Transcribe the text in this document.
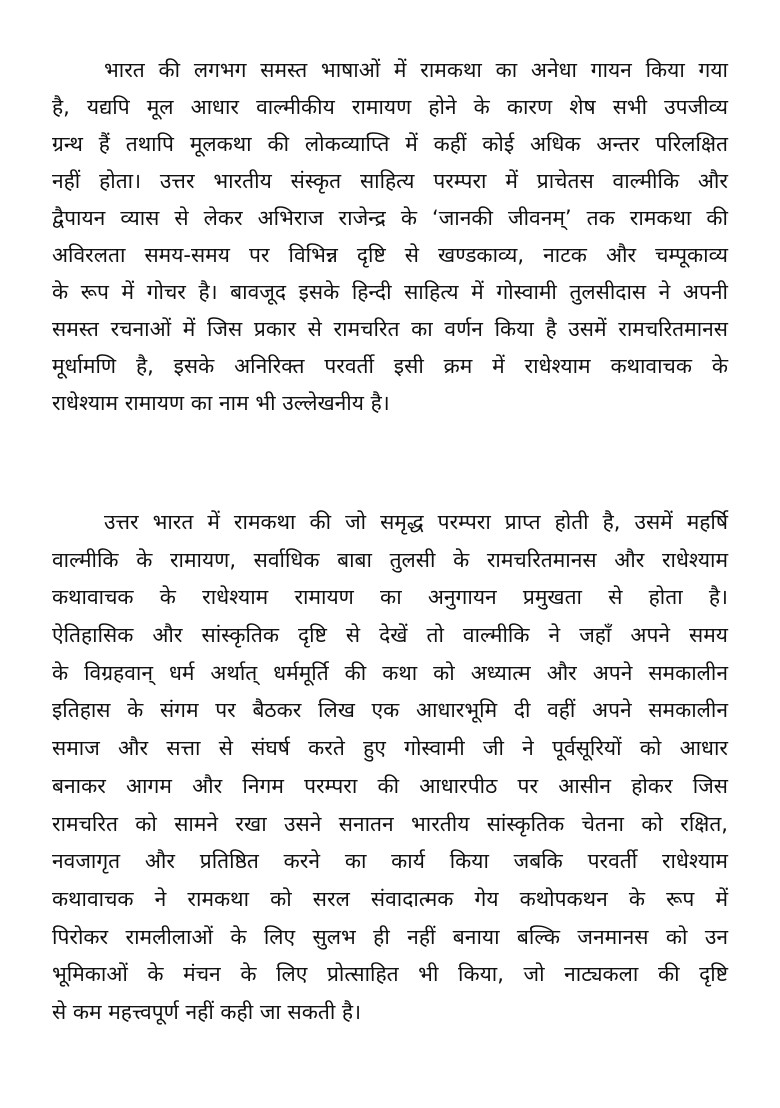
भारत की लगभग समस्त भाषाओं में रामकथा का अनेधा गायन किया गया
है, यद्यपि मूल आधार वाल्मीकीय रामायण होने के कारण शेष सभी उपजीव्य
ग्रन्थ हैं तथापि मूलकथा की लोकव्याप्ति में कहीं कोई अधिक अन्तर परिलक्षित
नहीं होता। उत्तर भारतीय संस्कृत साहित्य परम्परा में प्राचेतस वाल्मीकि और
द्वैपायन व्यास से लेकर अभिराज राजेन्द्र के ‘जानकी जीवनम्’ तक रामकथा की
अविरलता समय-समय पर विभिन्न दृष्टि से खण्डकाव्य, नाटक और चम्पूकाव्य
के रूप में गोचर है। बावजूद इसके हिन्दी साहित्य में गोस्वामी तुलसीदास ने अपनी
समस्त रचनाओं में जिस प्रकार से रामचरित का वर्णन किया है उसमें रामचरितमानस
मूर्धामणि है, इसके अनिरिक्त परवर्ती इसी क्रम में राधेश्याम कथावाचक के
राधेश्याम रामायण का नाम भी उल्लेखनीय है।
उत्तर भारत में रामकथा की जो समृद्ध परम्परा प्राप्त होती है, उसमें महर्षि
वाल्मीकि के रामायण, सर्वाधिक बाबा तुलसी के रामचरितमानस और राधेश्याम
कथावाचक के राधेश्याम रामायण का अनुगायन प्रमुखता से होता है।
ऐतिहासिक और सांस्कृतिक दृष्टि से देखें तो वाल्मीकि ने जहाँ अपने समय
के विग्रहवान् धर्म अर्थात् धर्ममूर्ति की कथा को अध्यात्म और अपने समकालीन
इतिहास के संगम पर बैठकर लिख एक आधारभूमि दी वहीं अपने समकालीन
समाज और सत्ता से संघर्ष करते हुए गोस्वामी जी ने पूर्वसूरियों को आधार
बनाकर आगम और निगम परम्परा की आधारपीठ पर आसीन होकर जिस
रामचरित को सामने रखा उसने सनातन भारतीय सांस्कृतिक चेतना को रक्षित,
नवजागृत और प्रतिष्ठित करने का कार्य किया जबकि परवर्ती राधेश्याम
कथावाचक ने रामकथा को सरल संवादात्मक गेय कथोपकथन के रूप में
पिरोकर रामलीलाओं के लिए सुलभ ही नहीं बनाया बल्कि जनमानस को उन
भूमिकाओं के मंचन के लिए प्रोत्साहित भी किया, जो नाट्यकला की दृष्टि
से कम महत्त्वपूर्ण नहीं कही जा सकती है।
